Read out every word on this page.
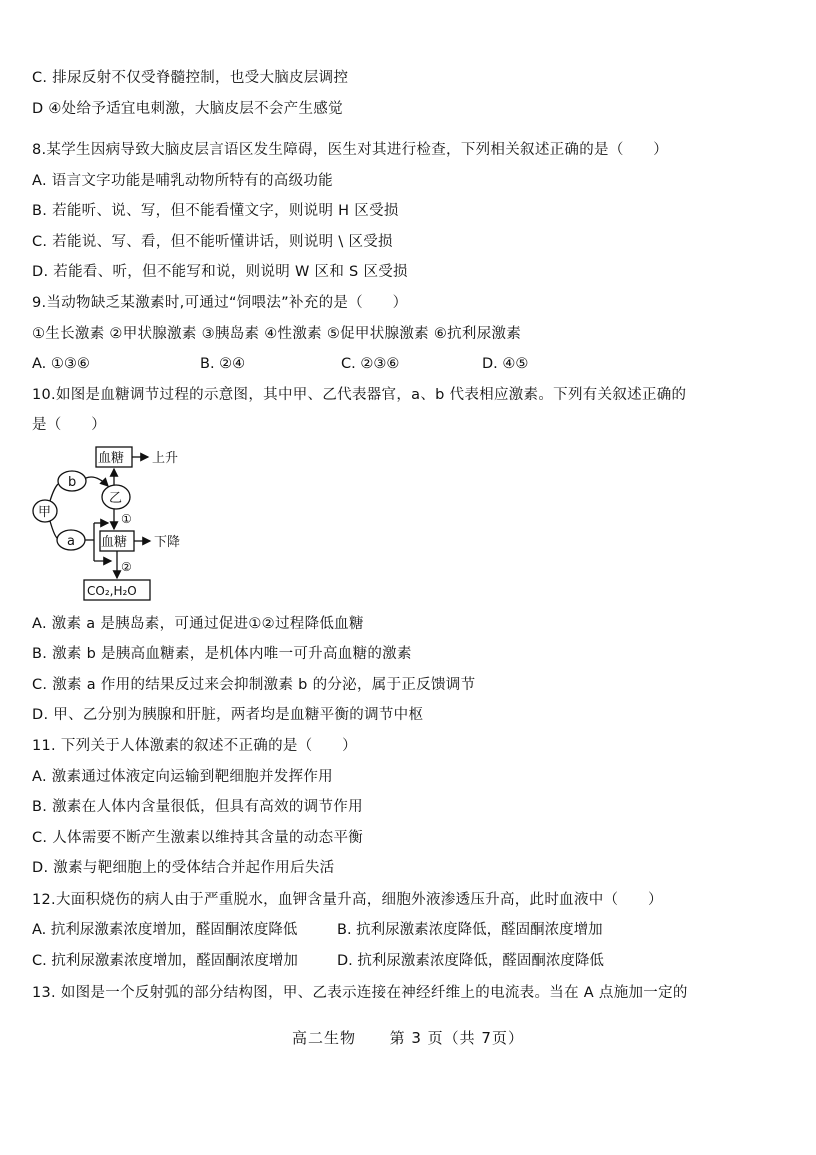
C. 排尿反射不仅受脊髓控制，也受大脑皮层调控
D ④处给予适宜电刺激，大脑皮层不会产生感觉
8.某学生因病导致大脑皮层言语区发生障碍，医生对其进行检查，下列相关叙述正确的是（　　）
A. 语言文字功能是哺乳动物所特有的高级功能
B. 若能听、说、写，但不能看懂文字，则说明 H 区受损
C. 若能说、写、看，但不能听懂讲话，则说明 \ 区受损
D. 若能看、听，但不能写和说，则说明 W 区和 S 区受损
9.当动物缺乏某激素时,可通过“饲喂法”补充的是（　　）
①生长激素 ②甲状腺激素 ③胰岛素 ④性激素 ⑤促甲状腺激素 ⑥抗利尿激素
A. ①③⑥	B. ②④	C. ②③⑥	D. ④⑤
10.如图是血糖调节过程的示意图，其中甲、乙代表器官，a、b 代表相应激素。下列有关叙述正确的
是（　　）
血糖 上升
b
乙
甲	①
a 血糖 下降
②
CO₂,H₂O
A. 激素 a 是胰岛素，可通过促进①②过程降低血糖
B. 激素 b 是胰高血糖素，是机体内唯一可升高血糖的激素
C. 激素 a 作用的结果反过来会抑制激素 b 的分泌，属于正反馈调节
D. 甲、乙分别为胰腺和肝脏，两者均是血糖平衡的调节中枢
11. 下列关于人体激素的叙述不正确的是（　　）
A. 激素通过体液定向运输到靶细胞并发挥作用
B. 激素在人体内含量很低，但具有高效的调节作用
C. 人体需要不断产生激素以维持其含量的动态平衡
D. 激素与靶细胞上的受体结合并起作用后失活
12.大面积烧伤的病人由于严重脱水，血钾含量升高，细胞外液渗透压升高，此时血液中（　　）
A. 抗利尿激素浓度增加，醛固酮浓度降低	B. 抗利尿激素浓度降低，醛固酮浓度增加
C. 抗利尿激素浓度增加，醛固酮浓度增加	D. 抗利尿激素浓度降低，醛固酮浓度降低
13. 如图是一个反射弧的部分结构图，甲、乙表示连接在神经纤维上的电流表。当在 A 点施加一定的
高二生物 第 3 页（共 7页）
